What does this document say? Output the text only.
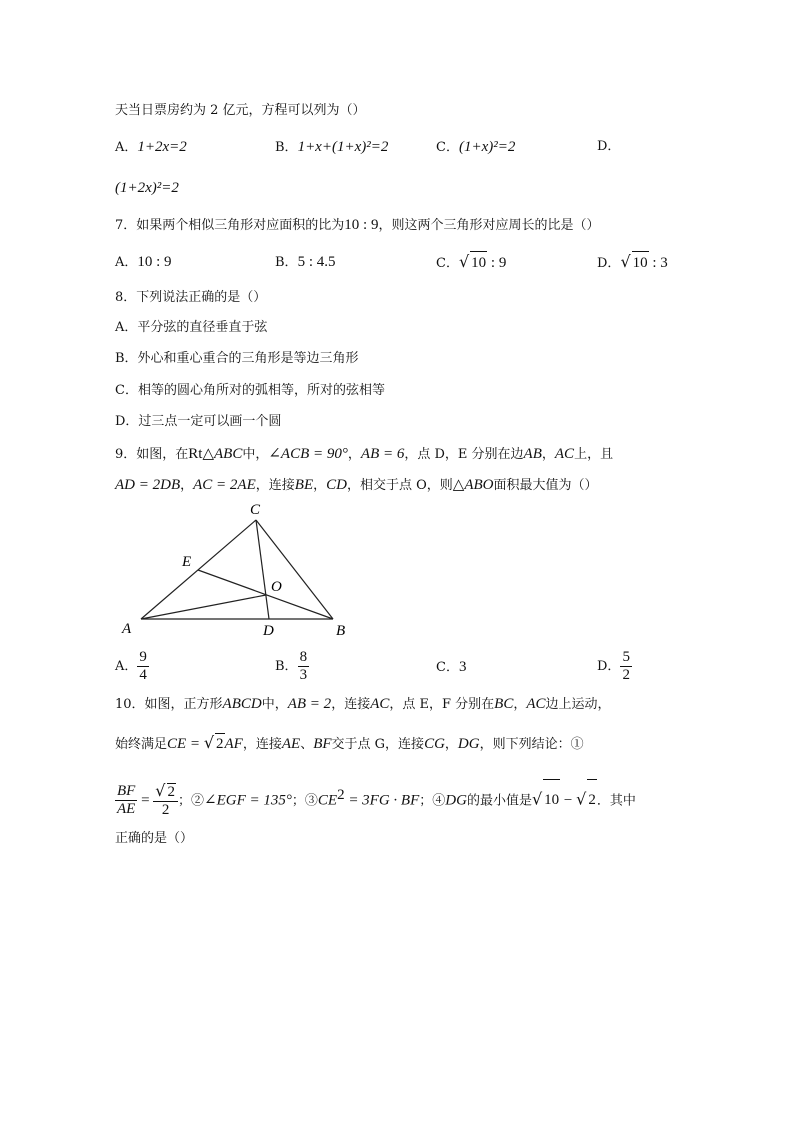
天当日票房约为 2 亿元，方程可以列为（）
A．1+2x=2	B．1+x+(1+x)²=2	C．(1+x)²=2	D．
(1+2x)²=2
7．如果两个相似三角形对应面积的比为10 : 9，则这两个三角形对应周长的比是（）
A．10 : 9	B．5 : 4.5	C．√ 10 : 9	D．√ 10 : 3
8．下列说法正确的是（）
A．平分弦的直径垂直于弦
B．外心和重心重合的三角形是等边三角形
C．相等的圆心角所对的弧相等，所对的弦相等
D．过三点一定可以画一个圆
9．如图，在Rt△ABC中，∠ACB = 90°，AB = 6，点 D，E 分别在边AB，AC上，且
AD = 2DB，AC = 2AE，连接BE，CD，相交于点 O，则△ABO面积最大值为（）
C
E
O
A	D	B
A． $\frac{9}{4}$	B． $\frac{8}{3}$	C．3	D． $\frac{5}{2}$
10．如图，正方形ABCD中，AB = 2，连接AC，点 E，F 分别在BC，AC边上运动，
始终满足CE = √ 2AF，连接AE、BF交于点 G，连接CG，DG，则下列结论：①
$\frac{BF}{AE} = \frac{√ 2}{2}$ ；②∠EGF = 135°；$③CE^2 = 3FG$ · BF；④DG的最小值是√ 10 − √ 2．其中
正确的是（）
